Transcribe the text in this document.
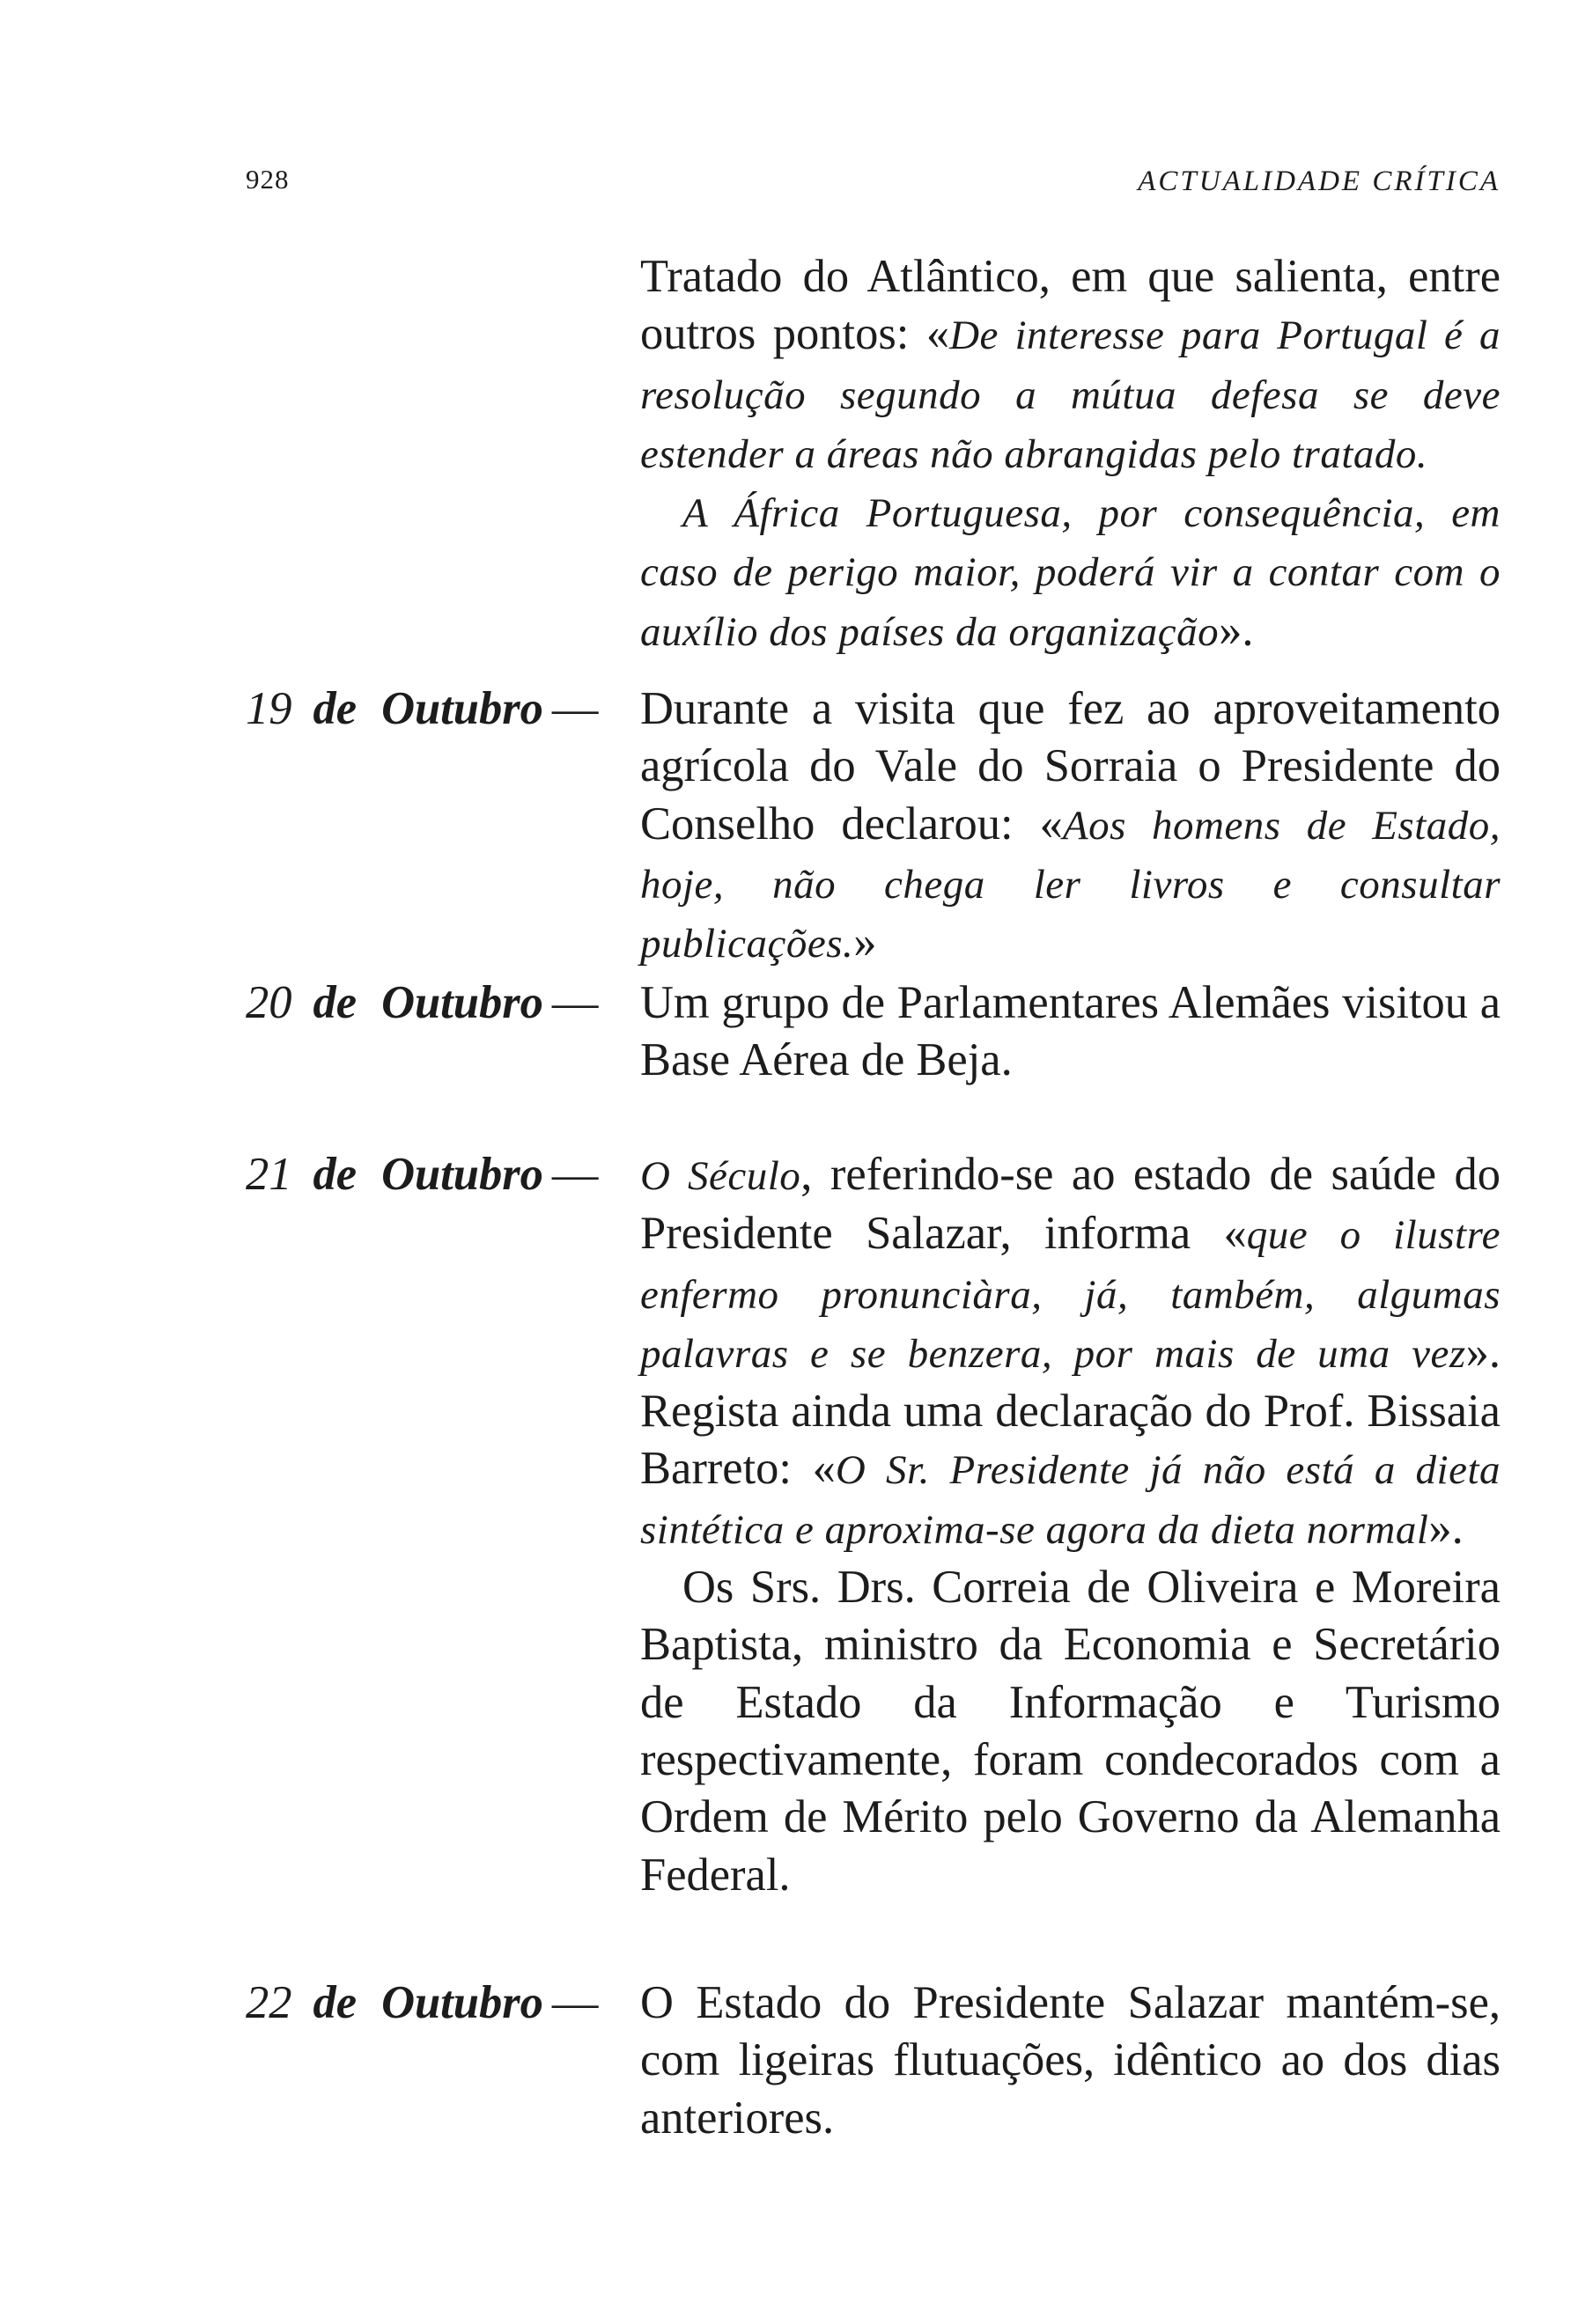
928	ACTUALIDADE CRÍTICA

Tratado do Atlântico, em que salienta, entre outros pontos: «De interesse para Portugal é a resolução segundo a mútua defesa se deve estender a áreas não abrangidas pelo tratado.

A África Portuguesa, por consequência, em caso de perigo maior, poderá vir a contar com o auxílio dos países da organização».

19 de Outubro — Durante a visita que fez ao aproveitamento agrícola do Vale do Sorraia o Presidente do Conselho declarou: «Aos homens de Estado, hoje, não chega ler livros e consultar publicações.»

20 de Outubro — Um grupo de Parlamentares Alemães visitou a Base Aérea de Beja.

21 de Outubro —	O Século, referindo-se ao estado de saúde do Presidente Salazar, informa «que o ilustre enfermo pronunciàra, já, também, algumas palavras e se benzera, por mais de uma vez». Regista ainda uma declaração do Prof. Bissaia Barreto: «O Sr. Presidente já não está a dieta sintética e aproxima-se agora da dieta normal».

Os Srs. Drs. Correia de Oliveira e Moreira Baptista, ministro da Economia e Secretário de Estado da Informação e Turismo respectivamente, foram condecorados com a Ordem de Mérito pelo Governo da Alemanha Federal.

22 de Outubro — O Estado do Presidente Salazar mantém-se, com ligeiras flutuações, idêntico ao dos dias anteriores.
